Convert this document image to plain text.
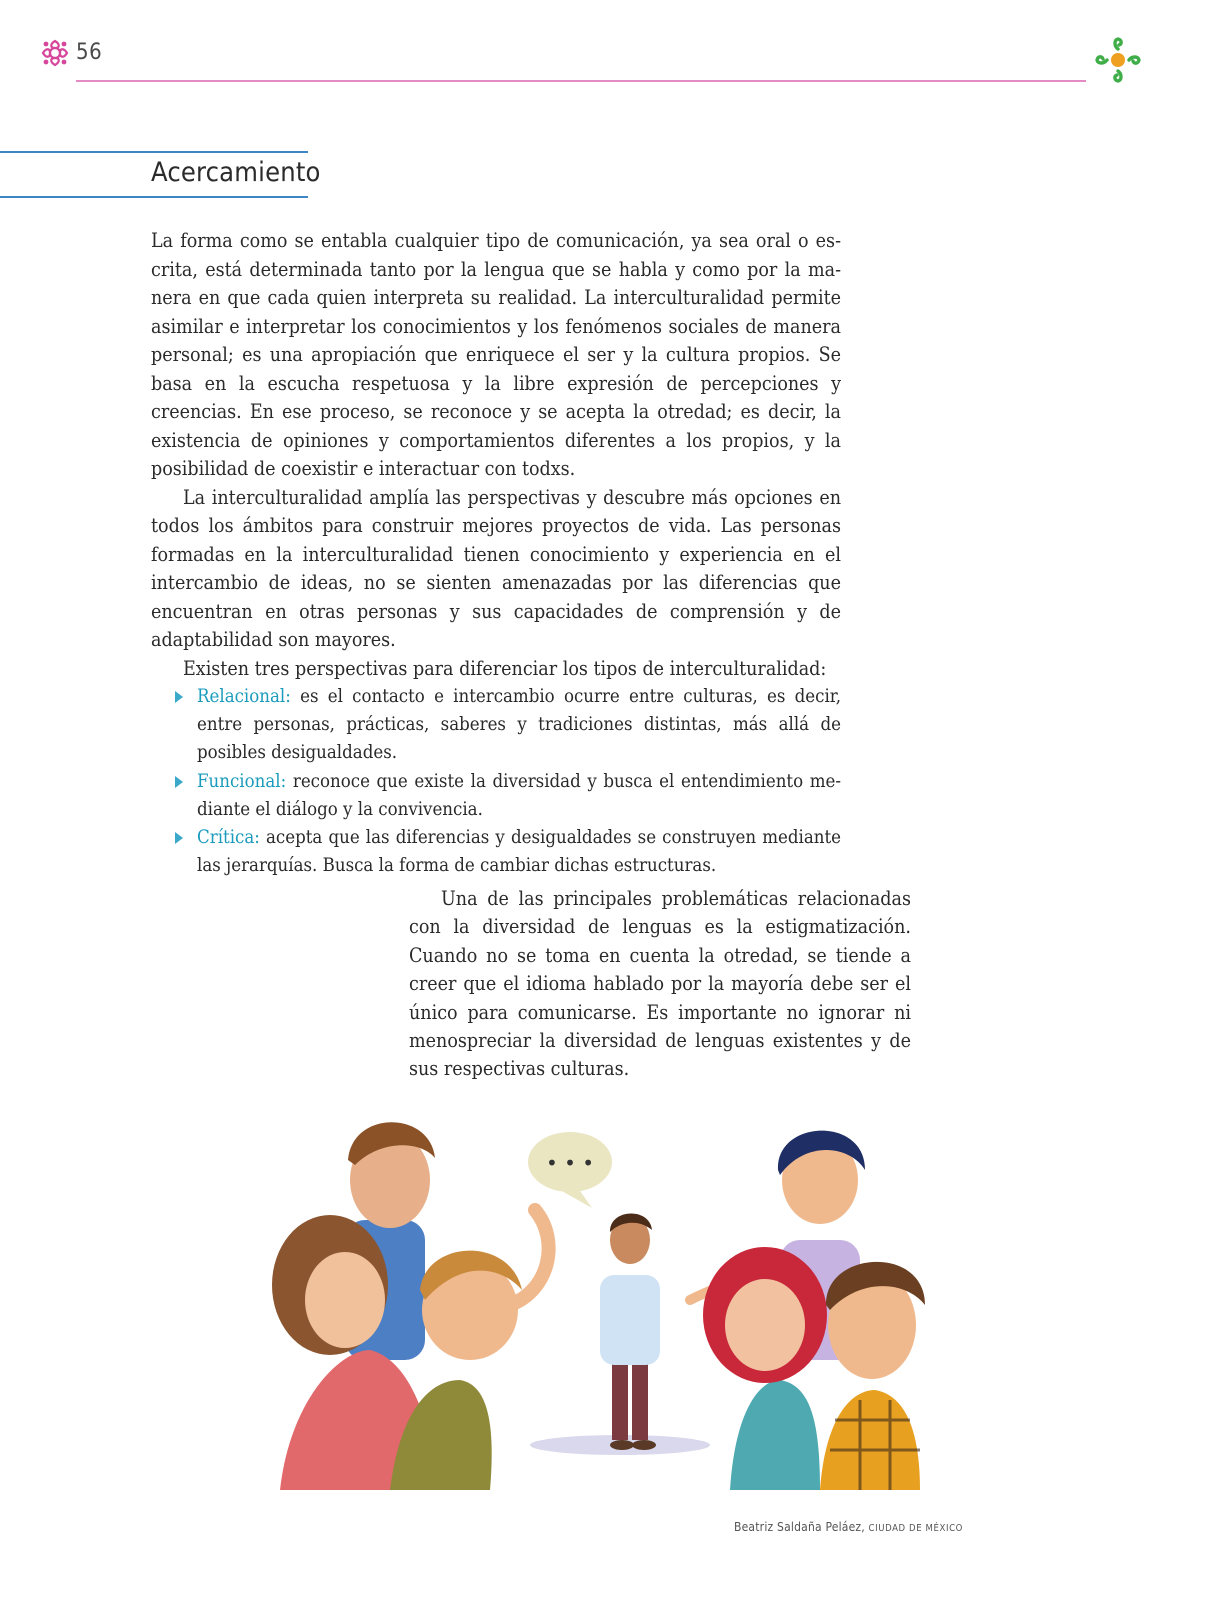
56
Acercamiento

La forma como se entabla cualquier tipo de comunicación, ya sea oral o escrita, está determinada tanto por la lengua que se habla y como por la manera en que cada quien interpreta su realidad. La interculturalidad permite asimilar e interpretar los conocimientos y los fenómenos sociales de manera personal; es una apropiación que enriquece el ser y la cultura propios. Se basa en la escucha respetuosa y la libre expresión de percepciones y creencias. En ese proceso, se reconoce y se acepta la otredad; es decir, la existencia de opiniones y comportamientos diferentes a los propios, y la posibilidad de coexistir e interactuar con todxs.

La interculturalidad amplía las perspectivas y descubre más opciones en todos los ámbitos para construir mejores proyectos de vida. Las personas formadas en la interculturalidad tienen conocimiento y experiencia en el intercambio de ideas, no se sienten amenazadas por las diferencias que encuentran en otras personas y sus capacidades de comprensión y de adaptabilidad son mayores.

Existen tres perspectivas para diferenciar los tipos de interculturalidad:

Relacional: es el contacto e intercambio ocurre entre culturas, es decir, entre personas, prácticas, saberes y tradiciones distintas, más allá de posibles desigualdades.
Funcional: reconoce que existe la diversidad y busca el entendimiento mediante el diálogo y la convivencia.
Crítica: acepta que las diferencias y desigualdades se construyen mediante las jerarquías. Busca la forma de cambiar dichas estructuras.

Una de las principales problemáticas relacionadas con la diversidad de lenguas es la estigmatización. Cuando no se toma en cuenta la otredad, se tiende a creer que el idioma hablado por la mayoría debe ser el único para comunicarse. Es importante no ignorar ni menospreciar la diversidad de lenguas existentes y de sus respectivas culturas.

• • •
Beatriz Saldaña Peláez, CIUDAD DE MÉXICO
